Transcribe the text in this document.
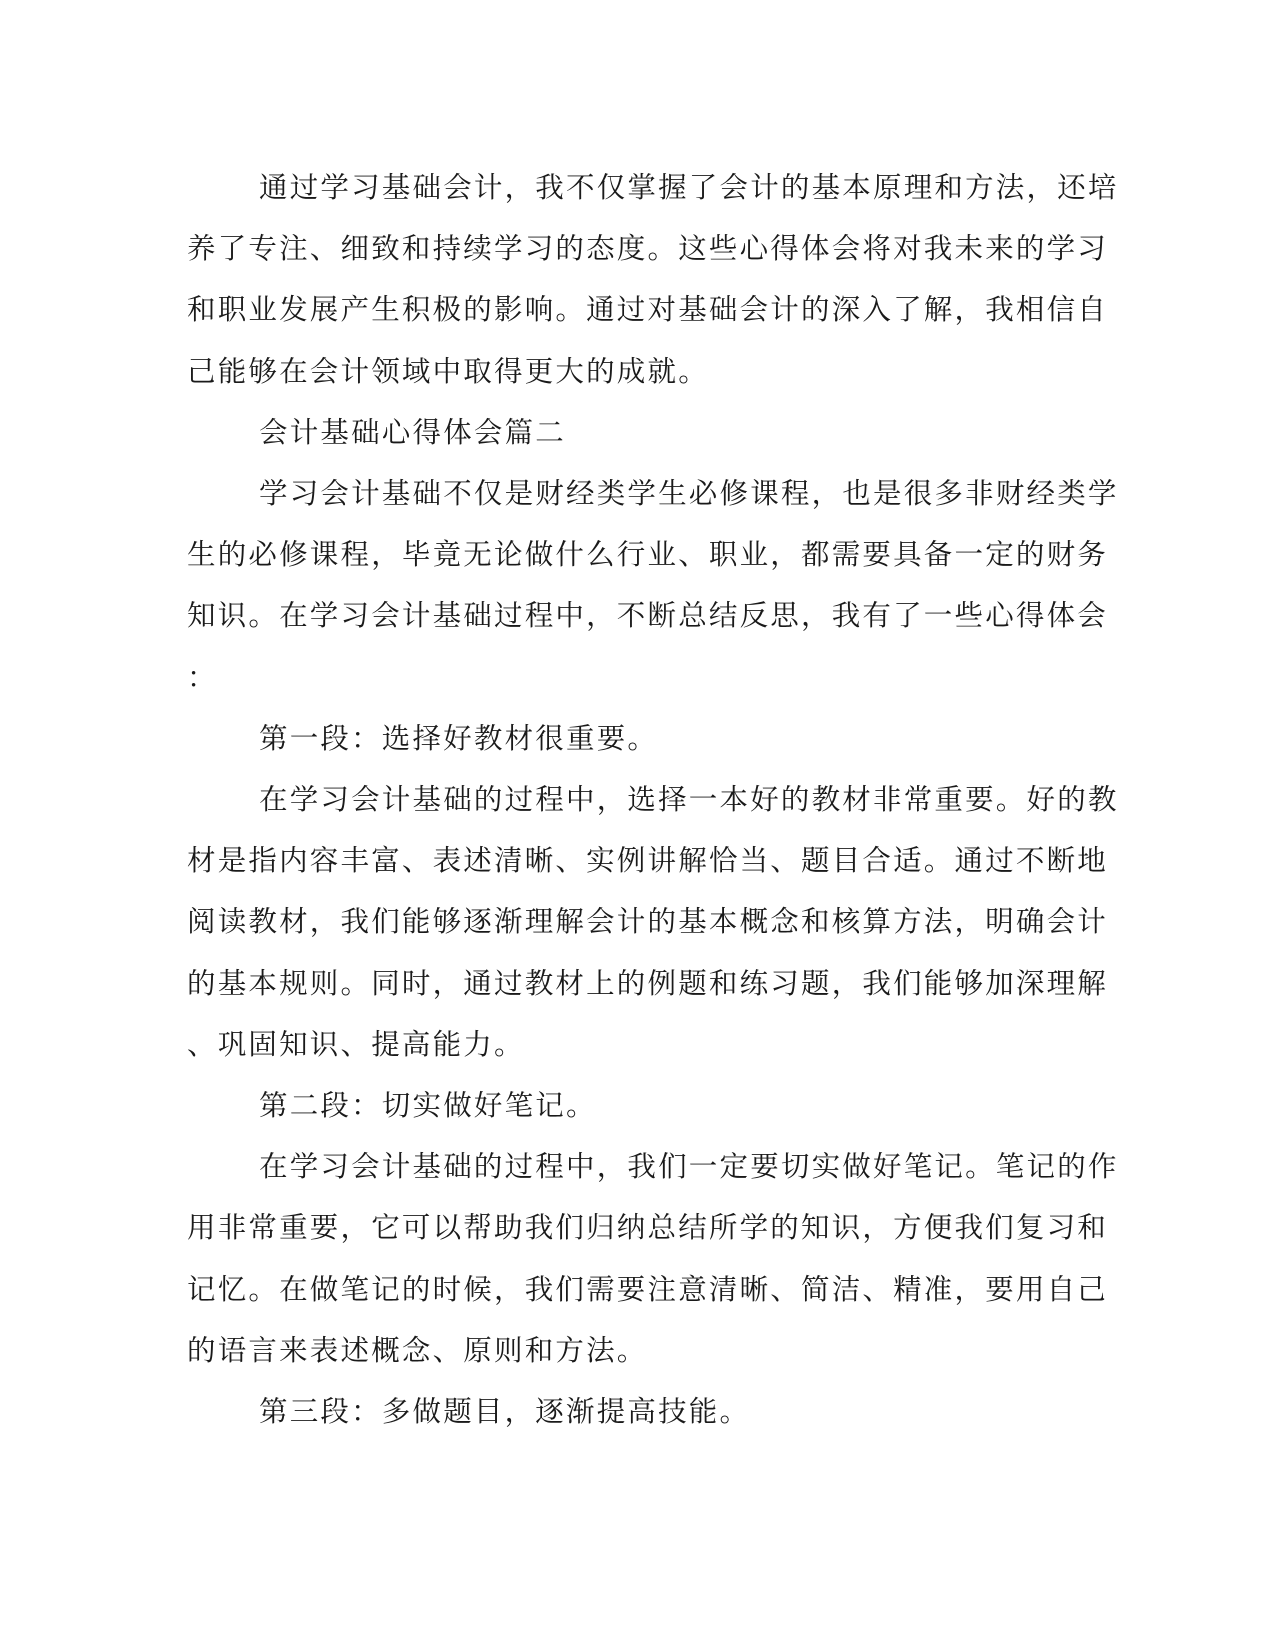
通过学习基础会计，我不仅掌握了会计的基本原理和方法，还培
养了专注、细致和持续学习的态度。这些心得体会将对我未来的学习
和职业发展产生积极的影响。通过对基础会计的深入了解，我相信自
己能够在会计领域中取得更大的成就。

会计基础心得体会篇二

学习会计基础不仅是财经类学生必修课程，也是很多非财经类学
生的必修课程，毕竟无论做什么行业、职业，都需要具备一定的财务
知识。在学习会计基础过程中，不断总结反思，我有了一些心得体会
：

第一段：选择好教材很重要。

在学习会计基础的过程中，选择一本好的教材非常重要。好的教
材是指内容丰富、表述清晰、实例讲解恰当、题目合适。通过不断地
阅读教材，我们能够逐渐理解会计的基本概念和核算方法，明确会计
的基本规则。同时，通过教材上的例题和练习题，我们能够加深理解
、巩固知识、提高能力。

第二段：切实做好笔记。

在学习会计基础的过程中，我们一定要切实做好笔记。笔记的作
用非常重要，它可以帮助我们归纳总结所学的知识，方便我们复习和
记忆。在做笔记的时候，我们需要注意清晰、简洁、精准，要用自己
的语言来表述概念、原则和方法。

第三段：多做题目，逐渐提高技能。
